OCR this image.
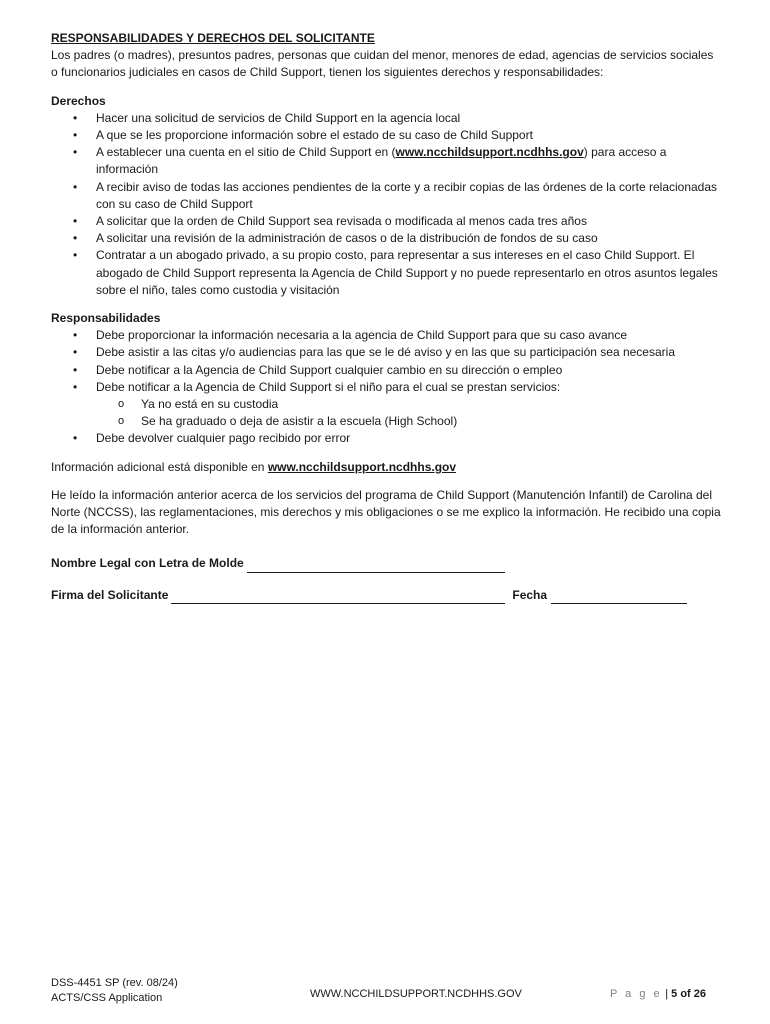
RESPONSABILIDADES Y DERECHOS DEL SOLICITANTE

Los padres (o madres), presuntos padres, personas que cuidan del menor, menores de edad, agencias de servicios sociales o funcionarios judiciales en casos de Child Support, tienen los siguientes derechos y responsabilidades:

Derechos
• Hacer una solicitud de servicios de Child Support en la agencia local
• A que se les proporcione información sobre el estado de su caso de Child Support
• A establecer una cuenta en el sitio de Child Support en (www.ncchildsupport.ncdhhs.gov) para acceso a información
• A recibir aviso de todas las acciones pendientes de la corte y a recibir copias de las órdenes de la corte relacionadas con su caso de Child Support
• A solicitar que la orden de Child Support sea revisada o modificada al menos cada tres años
• A solicitar una revisión de la administración de casos o de la distribución de fondos de su caso
• Contratar a un abogado privado, a su propio costo, para representar a sus intereses en el caso Child Support. El abogado de Child Support representa la Agencia de Child Support y no puede representarlo en otros asuntos legales sobre el niño, tales como custodia y visitación
Responsabilidades
• Debe proporcionar la información necesaria a la agencia de Child Support para que su caso avance
• Debe asistir a las citas y/o audiencias para las que se le dé aviso y en las que su participación sea necesaria
• Debe notificar a la Agencia de Child Support cualquier cambio en su dirección o empleo
• Debe notificar a la Agencia de Child Support si el niño para el cual se prestan servicios:
o Ya no está en su custodia
o Se ha graduado o deja de asistir a la escuela (High School)
• Debe devolver cualquier pago recibido por error

Información adicional está disponible en www.ncchildsupport.ncdhhs.gov

He leído la información anterior acerca de los servicios del programa de Child Support (Manutención Infantil) de Carolina del Norte (NCCSS), las reglamentaciones, mis derechos y mis obligaciones o se me explico la información. He recibido una copia de la información anterior.

Nombre Legal con Letra de Molde
Firma del Solicitante	Fecha
DSS-4451 SP (rev. 08/24)
ACTS/CSS Application	WWW.NCCHILDSUPPORT.NCDHHS.GOV	P a g e | 5 of 26
